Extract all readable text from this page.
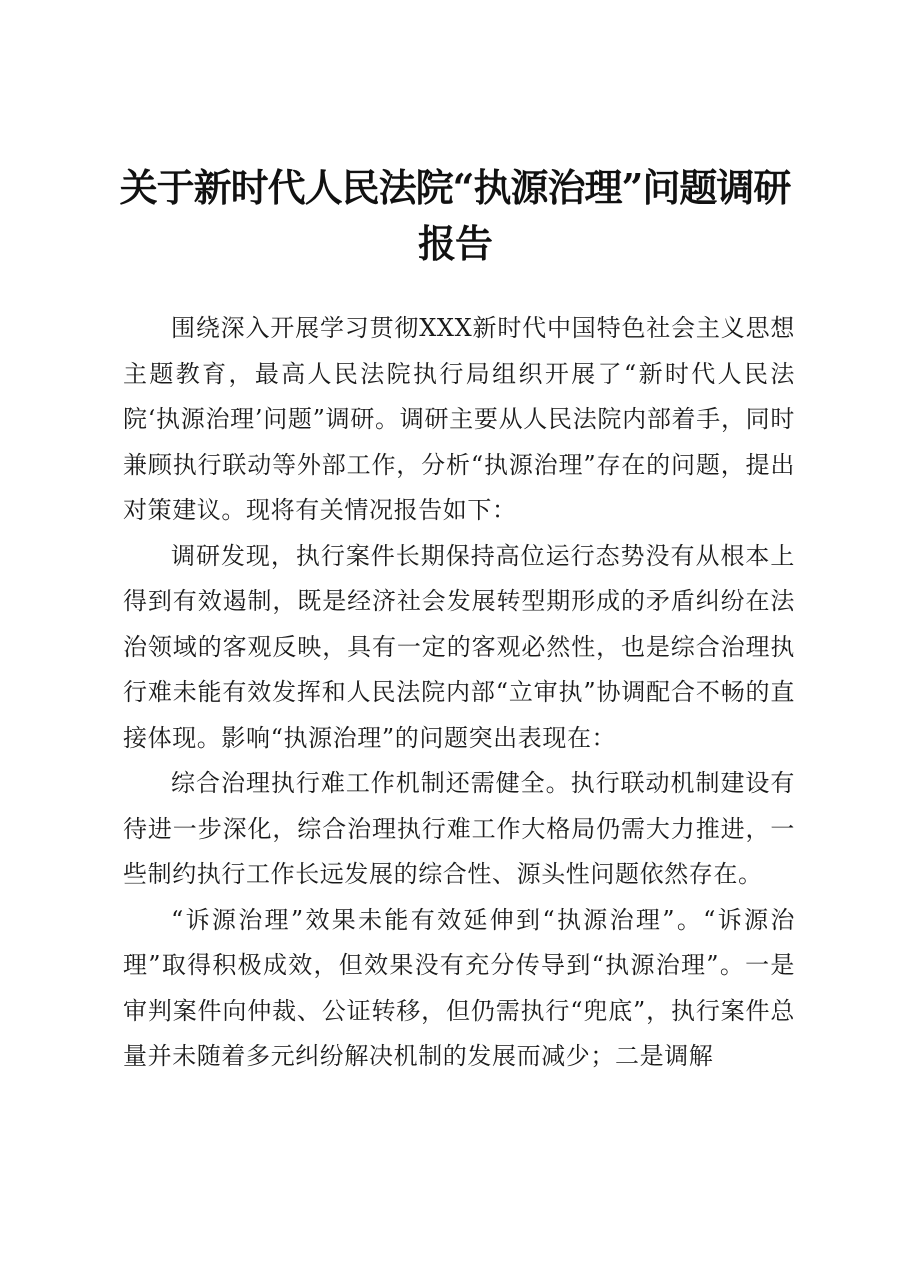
关于新时代人民法院“执源治理”问题调研报告

围绕深入开展学习贯彻XXX新时代中国特色社会主义思想主题教育，最高人民法院执行局组织开展了“新时代人民法院‘执源治理’问题”调研。调研主要从人民法院内部着手，同时兼顾执行联动等外部工作，分析“执源治理”存在的问题，提出对策建议。现将有关情况报告如下：

调研发现，执行案件长期保持高位运行态势没有从根本上得到有效遏制，既是经济社会发展转型期形成的矛盾纠纷在法治领域的客观反映，具有一定的客观必然性，也是综合治理执行难未能有效发挥和人民法院内部“立审执”协调配合不畅的直接体现。影响“执源治理”的问题突出表现在：

综合治理执行难工作机制还需健全。执行联动机制建设有待进一步深化，综合治理执行难工作大格局仍需大力推进，一些制约执行工作长远发展的综合性、源头性问题依然存在。

“诉源治理”效果未能有效延伸到“执源治理”。“诉源治理”取得积极成效，但效果没有充分传导到“执源治理”。一是审判案件向仲裁、公证转移，但仍需执行“兜底”，执行案件总量并未随着多元纠纷解决机制的发展而减少；二是调解
